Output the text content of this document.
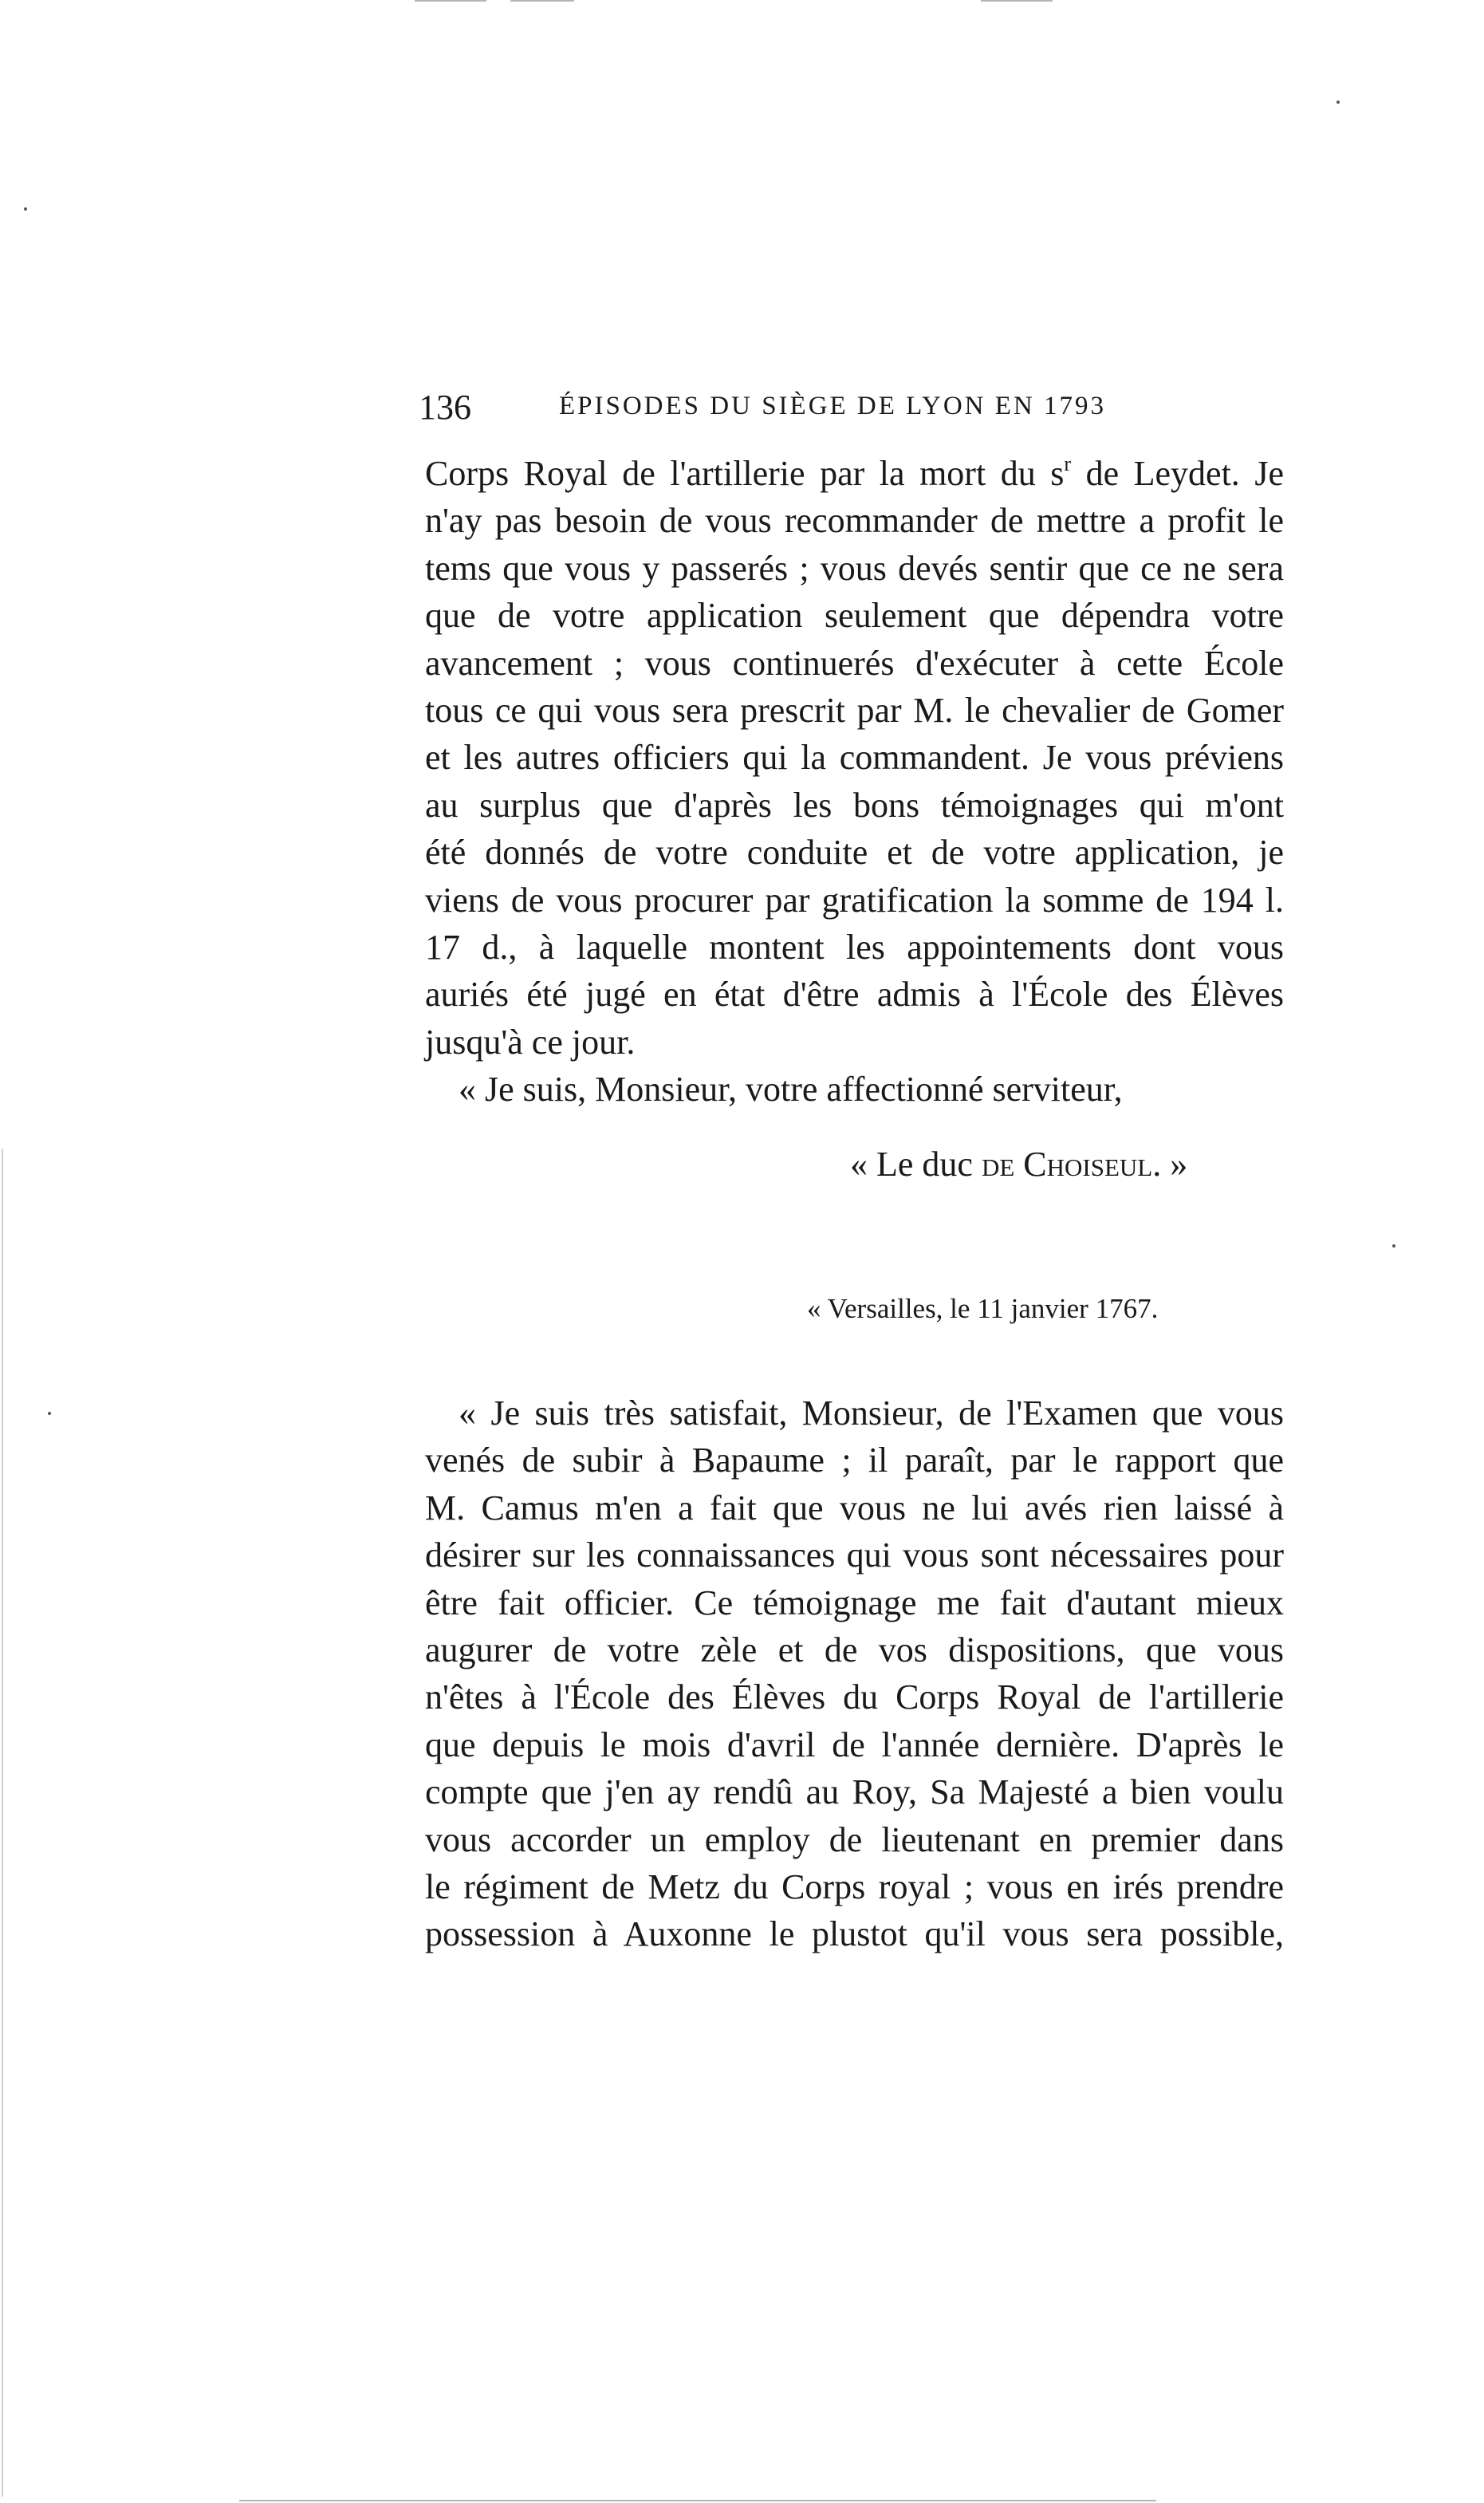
136	ÉPISODES DU SIÈGE DE LYON EN 1793
Corps Royal de l'artillerie par la mort du $s^r$ de Leydet. Je
n'ay pas besoin de vous recommander de mettre a profit le
tems que vous y passerés ; vous devés sentir que ce ne sera
que de votre application seulement que dépendra votre
avancement ; vous continuerés d'exécuter à cette École
tous ce qui vous sera prescrit par M. le chevalier de Gomer
et les autres officiers qui la commandent. Je vous préviens
au surplus que d'après les bons témoignages qui m'ont
été donnés de votre conduite et de votre application, je
viens de vous procurer par gratification la somme de 194 l.
17 d., à laquelle montent les appointements dont vous
auriés été jugé en état d'être admis à l'École des Élèves
jusqu'à ce jour.
« Je suis, Monsieur, votre affectionné serviteur,
« Le duc de Choiseul. »
« Versailles, le 11 janvier 1767.
« Je suis très satisfait, Monsieur, de l'Examen que vous
venés de subir à Bapaume ; il paraît, par le rapport que
M. Camus m'en a fait que vous ne lui avés rien laissé à
désirer sur les connaissances qui vous sont nécessaires pour
être fait officier. Ce témoignage me fait d'autant mieux
augurer de votre zèle et de vos dispositions, que vous
n'êtes à l'École des Élèves du Corps Royal de l'artillerie
que depuis le mois d'avril de l'année dernière. D'après le
compte que j'en ay rendû au Roy, Sa Majesté a bien voulu
vous accorder un employ de lieutenant en premier dans
le régiment de Metz du Corps royal ; vous en irés prendre
possession à Auxonne le plustot qu'il vous sera possible,
